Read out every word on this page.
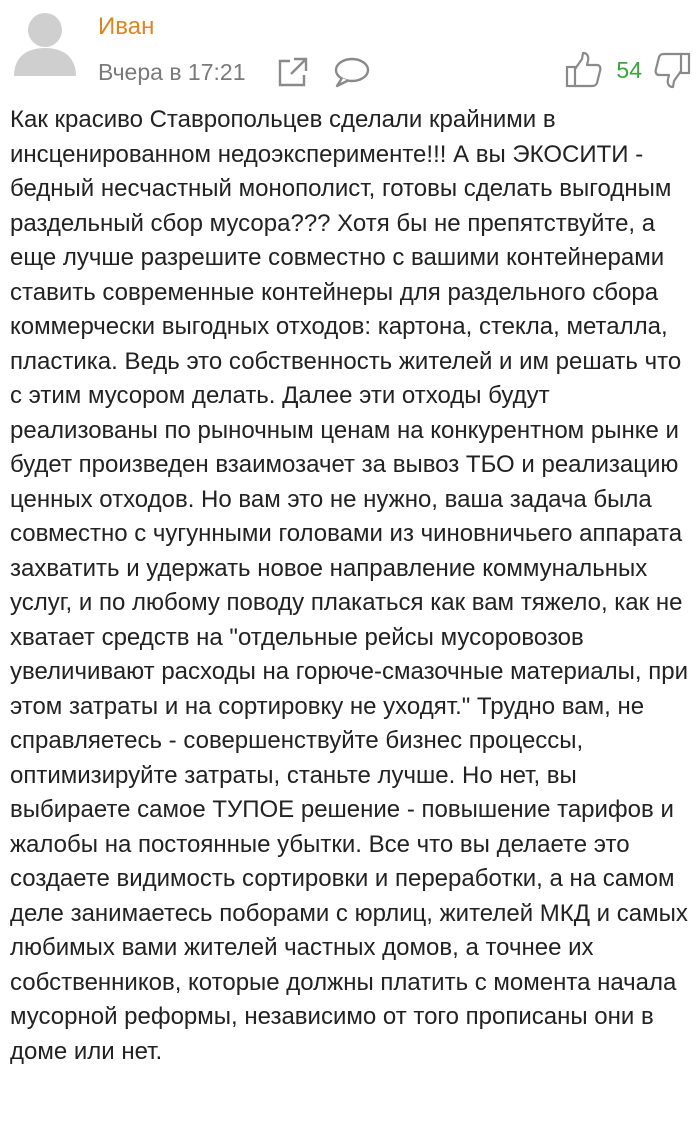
Иван
Вчера в 17:21	54

Как красиво Ставропольцев сделали крайними в инсценированном недоэксперименте!!! А вы ЭКОСИТИ - бедный несчастный монополист, готовы сделать выгодным раздельный сбор мусора??? Хотя бы не препятствуйте, а еще лучше разрешите совместно с вашими контейнерами ставить современные контейнеры для раздельного сбора коммерчески выгодных отходов: картона, стекла, металла, пластика. Ведь это собственность жителей и им решать что с этим мусором делать. Далее эти отходы будут реализованы по рыночным ценам на конкурентном рынке и будет произведен взаимозачет за вывоз ТБО и реализацию ценных отходов. Но вам это не нужно, ваша задача была совместно с чугунными головами из чиновничьего аппарата захватить и удержать новое направление коммунальных услуг, и по любому поводу плакаться как вам тяжело, как не хватает средств на "отдельные рейсы мусоровозов увеличивают расходы на горюче-смазочные материалы, при этом затраты и на сортировку не уходят." Трудно вам, не справляетесь - совершенствуйте бизнес процессы, оптимизируйте затраты, станьте лучше. Но нет, вы выбираете самое ТУПОЕ решение - повышение тарифов и жалобы на постоянные убытки. Все что вы делаете это создаете видимость сортировки и переработки, а на самом деле занимаетесь поборами с юрлиц, жителей МКД и самых любимых вами жителей частных домов, а точнее их собственников, которые должны платить с момента начала мусорной реформы, независимо от того прописаны они в доме или нет.
